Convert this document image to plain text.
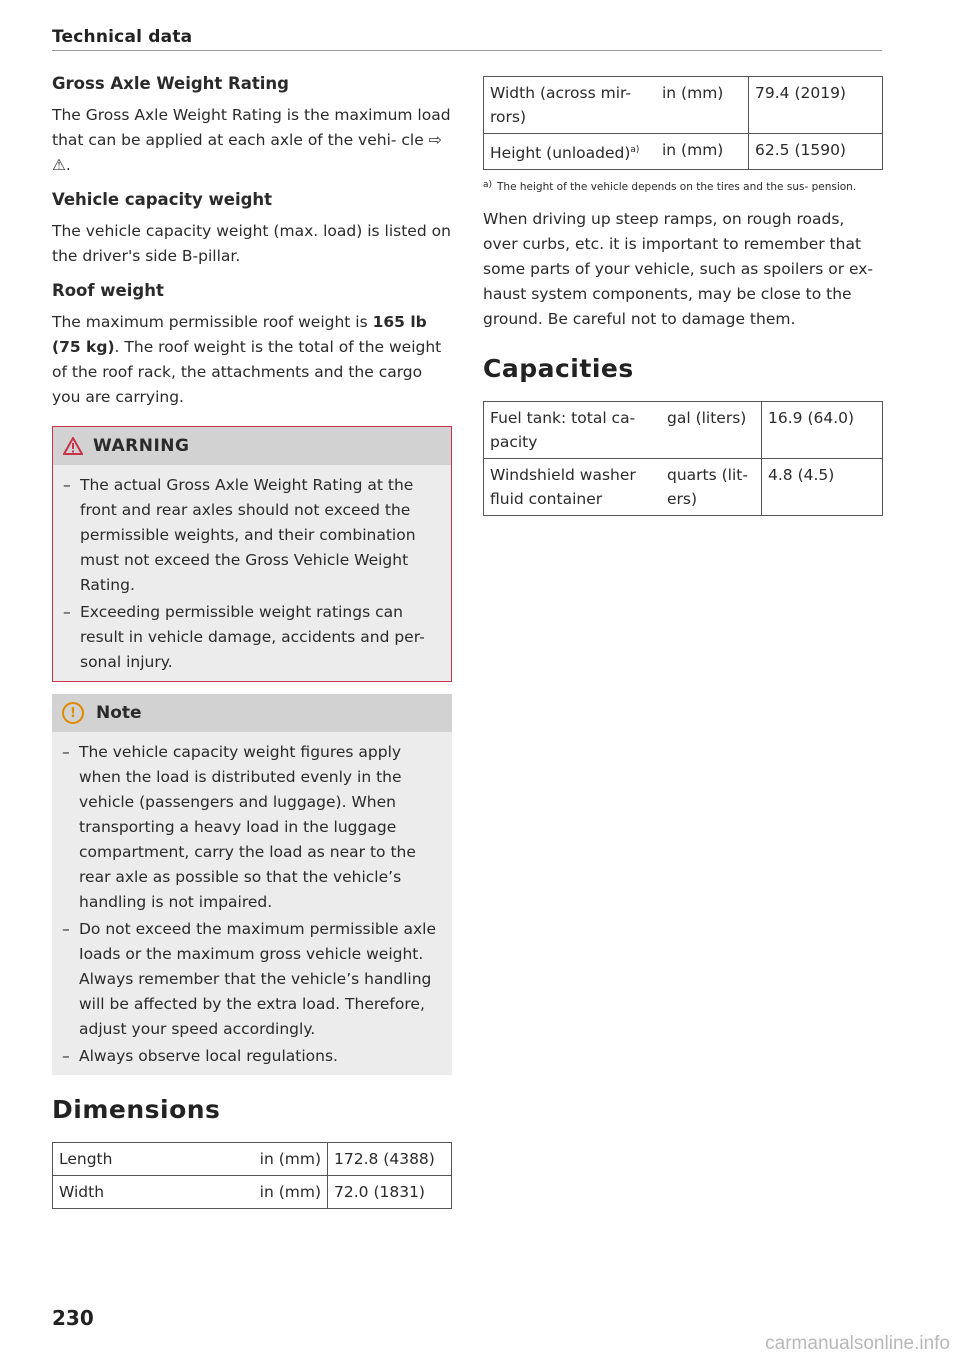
Technical data
Gross Axle Weight Rating

The Gross Axle Weight Rating is the maximum load that can be applied at each axle of the vehi- cle ⇨ ⚠.

Vehicle capacity weight

The vehicle capacity weight (max. load) is listed on the driver's side B-pillar.

Roof weight

The maximum permissible roof weight is 165 lb (75 kg). The roof weight is the total of the weight of the roof rack, the attachments and the cargo you are carrying.

WARNING
– The actual Gross Axle Weight Rating at the front and rear axles should not exceed the permissible weights, and their combination must not exceed the Gross Vehicle Weight Rating.
– Exceeding permissible weight ratings can result in vehicle damage, accidents and per- sonal injury.
!	Note
– The vehicle capacity weight figures apply when the load is distributed evenly in the vehicle (passengers and luggage). When transporting a heavy load in the luggage compartment, carry the load as near to the rear axle as possible so that the vehicle’s handling is not impaired.
– Do not exceed the maximum permissible axle Ioads or the maximum gross vehicle weight. Always remember that the vehicle’s handling will be affected by the extra load. Therefore, adjust your speed accordingly.
– Always observe local regulations.
Dimensions
Length	in (mm)	172.8 (4388)
Width	in (mm)	72.0 (1831)
Width (across mir- rors)	in (mm)	79.4 (2019)
Height (unloaded)$^{a)}$	in (mm)	62.5 (1590)
a) The height of the vehicle depends on the tires and the sus- pension.

When driving up steep ramps, on rough roads, over curbs, etc. it is important to remember that some parts of your vehicle, such as spoilers or ex- haust system components, may be close to the ground. Be careful not to damage them.

Capacities
Fuel tank: total ca- pacity	gal (liters)	16.9 (64.0)
Windshield washer fluid container	quarts (lit- ers)	4.8 (4.5)
230
carmanualsonline.info
